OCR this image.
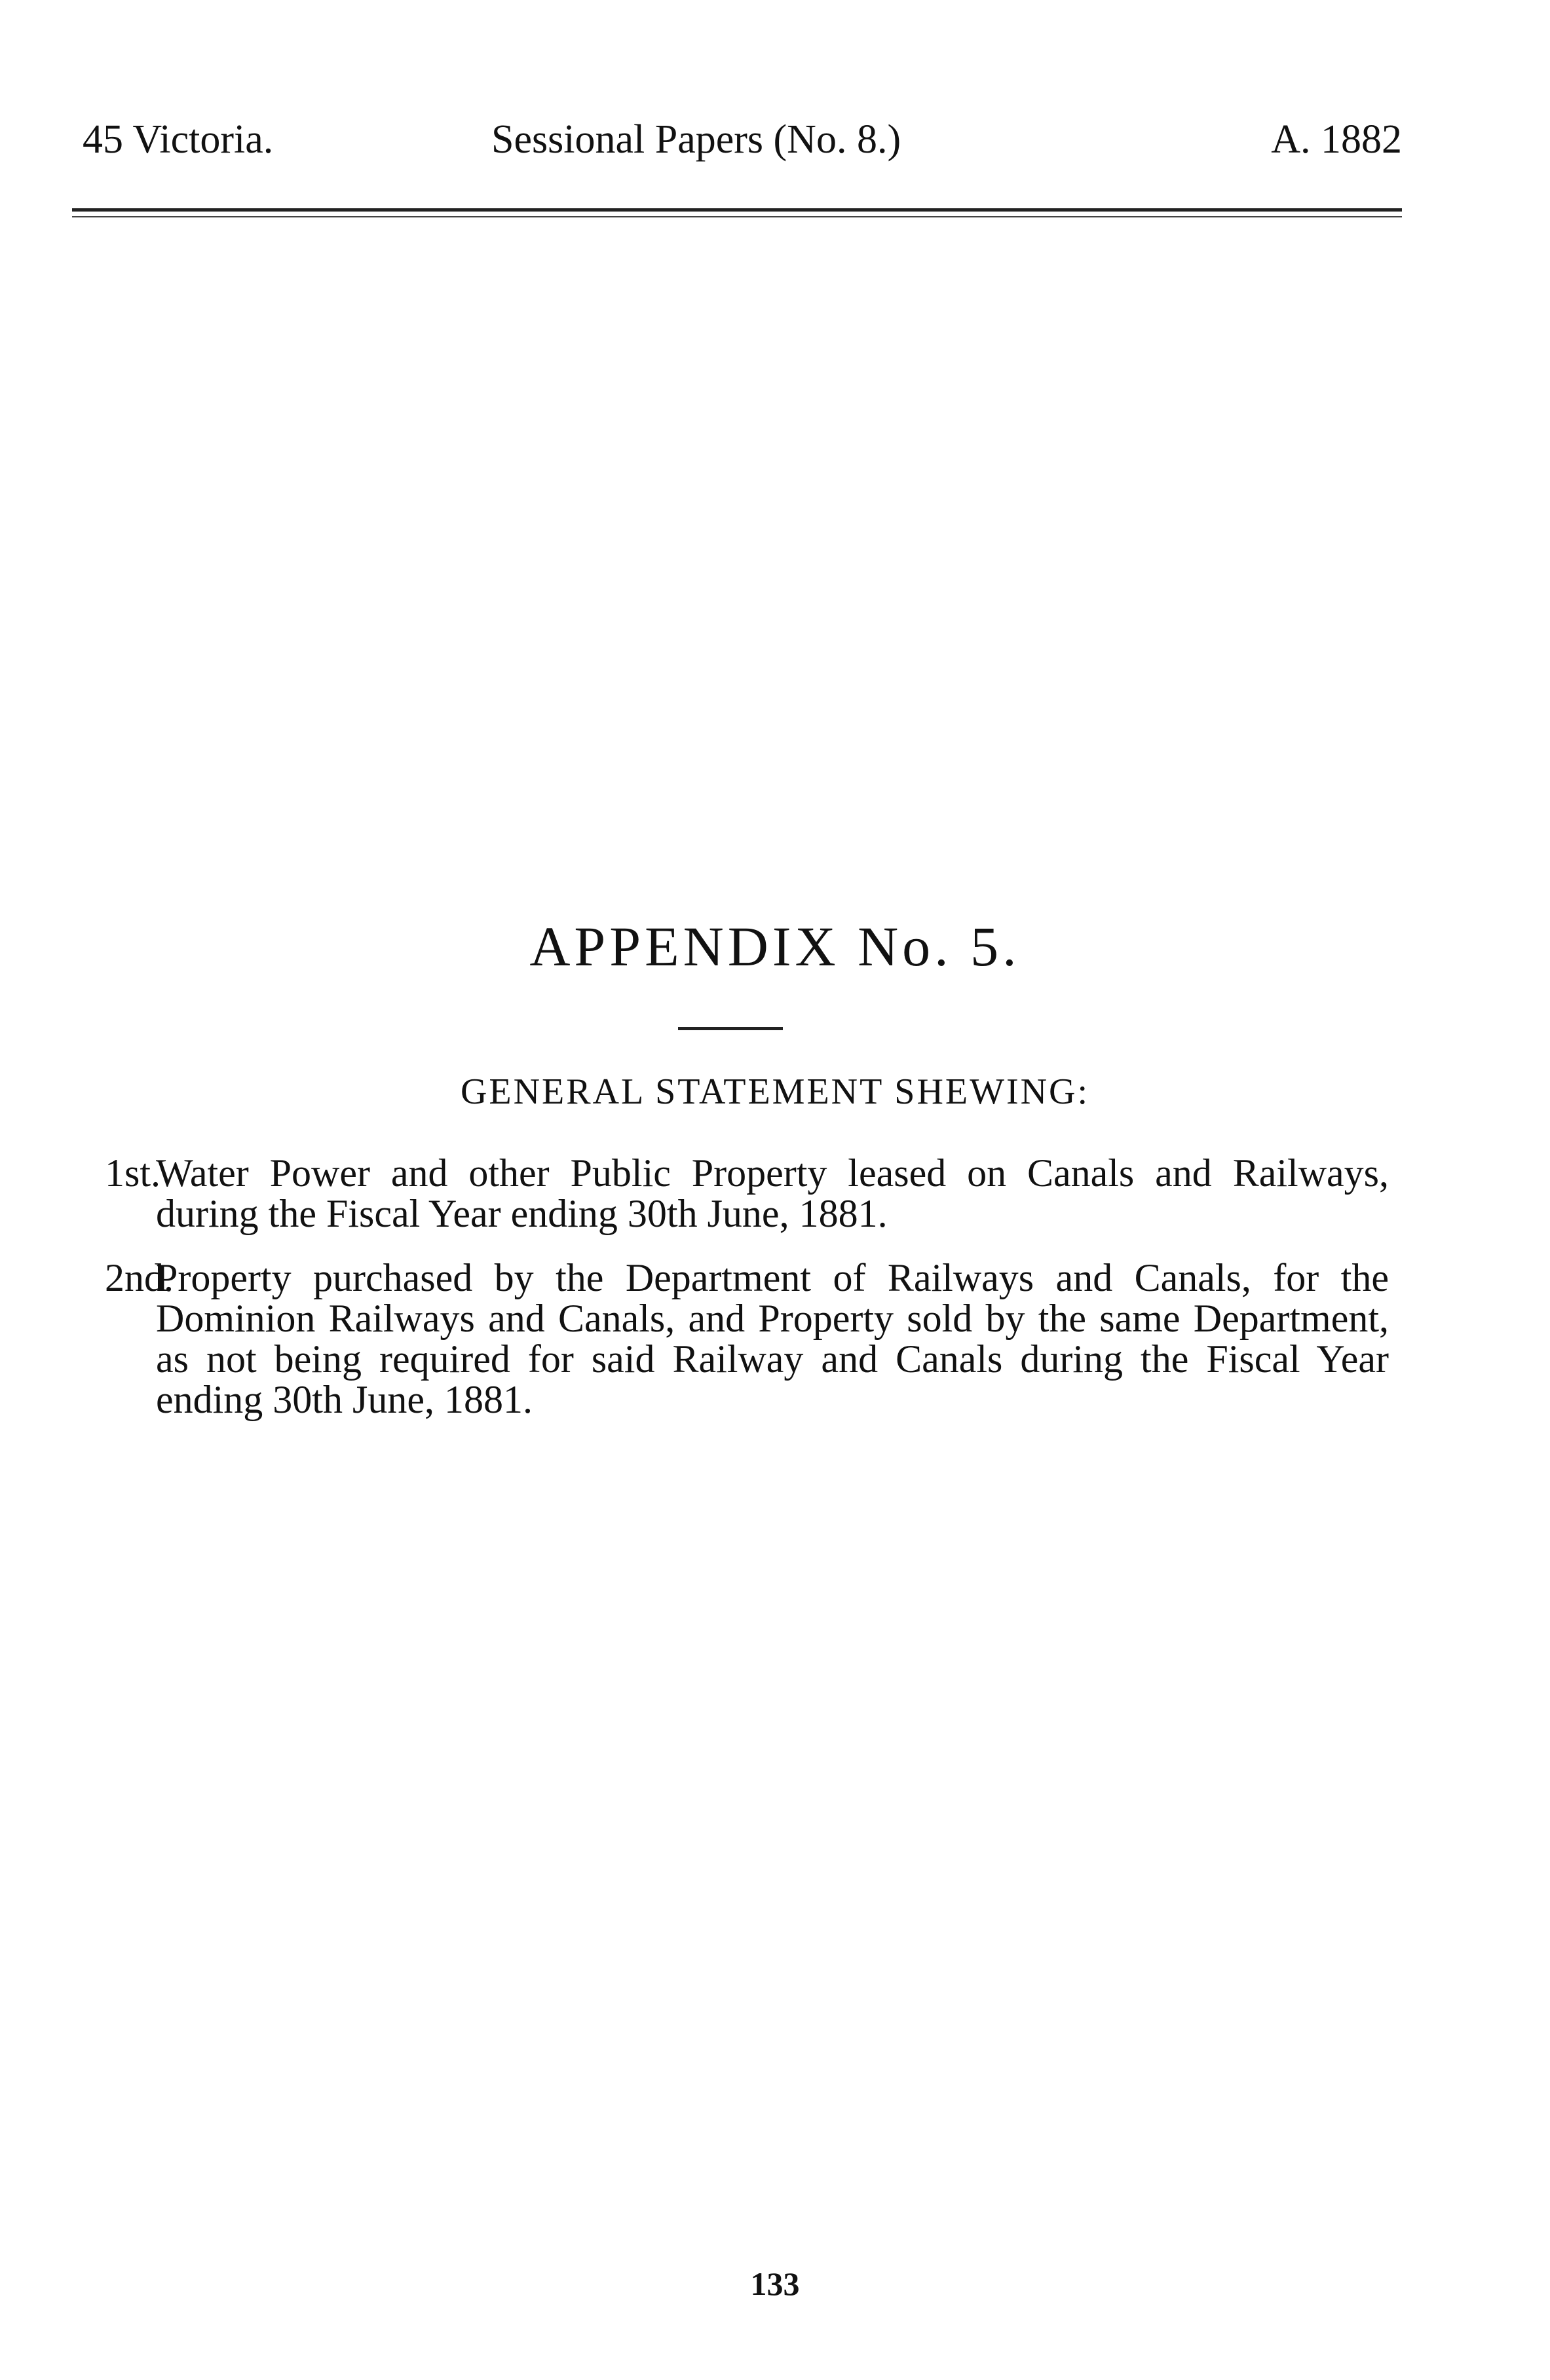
45 Victoria.	Sessional Papers (No. 8.)	A. 1882
APPENDIX No. 5.
GENERAL STATEMENT SHEWING:
1st.
Water Power and other Public Property leased on Canals and Railways, during the Fiscal Year ending 30th June, 1881.
2nd.
Property purchased by the Department of Railways and Canals, for the Dominion Railways and Canals, and Property sold by the same Department, as not being required for said Railway and Canals during the Fiscal Year ending 30th June, 1881.
133
